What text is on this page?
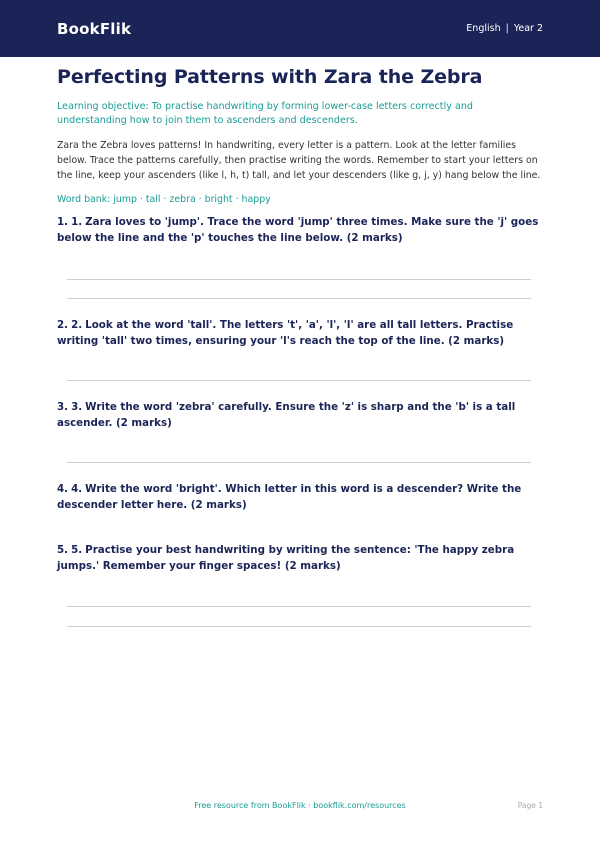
BookFlik	English | Year 2
Perfecting Patterns with Zara the Zebra

Learning objective: To practise handwriting by forming lower-case letters correctly and understanding how to join them to ascenders and descenders.

Zara the Zebra loves patterns! In handwriting, every letter is a pattern. Look at the letter families below. Trace the patterns carefully, then practise writing the words. Remember to start your letters on the line, keep your ascenders (like l, h, t) tall, and let your descenders (like g, j, y) hang below the line.

Word bank: jump · tall · zebra · bright · happy

1. 1. Zara loves to 'jump'. Trace the word 'jump' three times. Make sure the 'j' goes below the line and the 'p' touches the line below. (2 marks)

2. 2. Look at the word 'tall'. The letters 't', 'a', 'l', 'l' are all tall letters. Practise writing 'tall' two times, ensuring your 'l's reach the top of the line. (2 marks)

3. 3. Write the word 'zebra' carefully. Ensure the 'z' is sharp and the 'b' is a tall ascender. (2 marks)

4. 4. Write the word 'bright'. Which letter in this word is a descender? Write the descender letter here. (2 marks)

5. 5. Practise your best handwriting by writing the sentence: 'The happy zebra jumps.' Remember your finger spaces! (2 marks)

Free resource from BookFlik · bookflik.com/resources	Page 1
